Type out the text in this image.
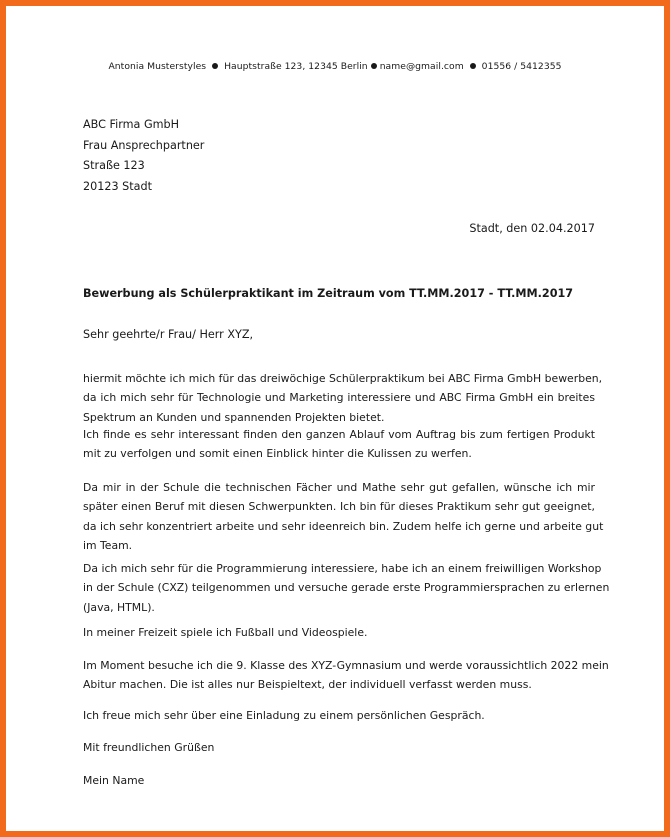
Antonia Musterstyles Hauptstraße 123, 12345 Berlin name@gmail.com 01556 / 5412355
ABC Firma GmbH
Frau Ansprechpartner
Straße 123
20123 Stadt
Stadt, den 02.04.2017
Bewerbung als Schülerpraktikant im Zeitraum vom TT.MM.2017 - TT.MM.2017
Sehr geehrte/r Frau/ Herr XYZ,
hiermit möchte ich mich für das dreiwöchige Schülerpraktikum bei ABC Firma GmbH bewerben,
da ich mich sehr für Technologie und Marketing interessiere und ABC Firma GmbH ein breites
Spektrum an Kunden und spannenden Projekten bietet.
Ich finde es sehr interessant finden den ganzen Ablauf vom Auftrag bis zum fertigen Produkt
mit zu verfolgen und somit einen Einblick hinter die Kulissen zu werfen.
Da mir in der Schule die technischen Fächer und Mathe sehr gut gefallen, wünsche ich mir
später einen Beruf mit diesen Schwerpunkten. Ich bin für dieses Praktikum sehr gut geeignet,
da ich sehr konzentriert arbeite und sehr ideenreich bin. Zudem helfe ich gerne und arbeite gut
im Team.
Da ich mich sehr für die Programmierung interessiere, habe ich an einem freiwilligen Workshop
in der Schule (CXZ) teilgenommen und versuche gerade erste Programmiersprachen zu erlernen
(Java, HTML).
In meiner Freizeit spiele ich Fußball und Videospiele.
Im Moment besuche ich die 9. Klasse des XYZ-Gymnasium und werde voraussichtlich 2022 mein
Abitur machen. Die ist alles nur Beispieltext, der individuell verfasst werden muss.
Ich freue mich sehr über eine Einladung zu einem persönlichen Gespräch.
Mit freundlichen Grüßen
Mein Name
